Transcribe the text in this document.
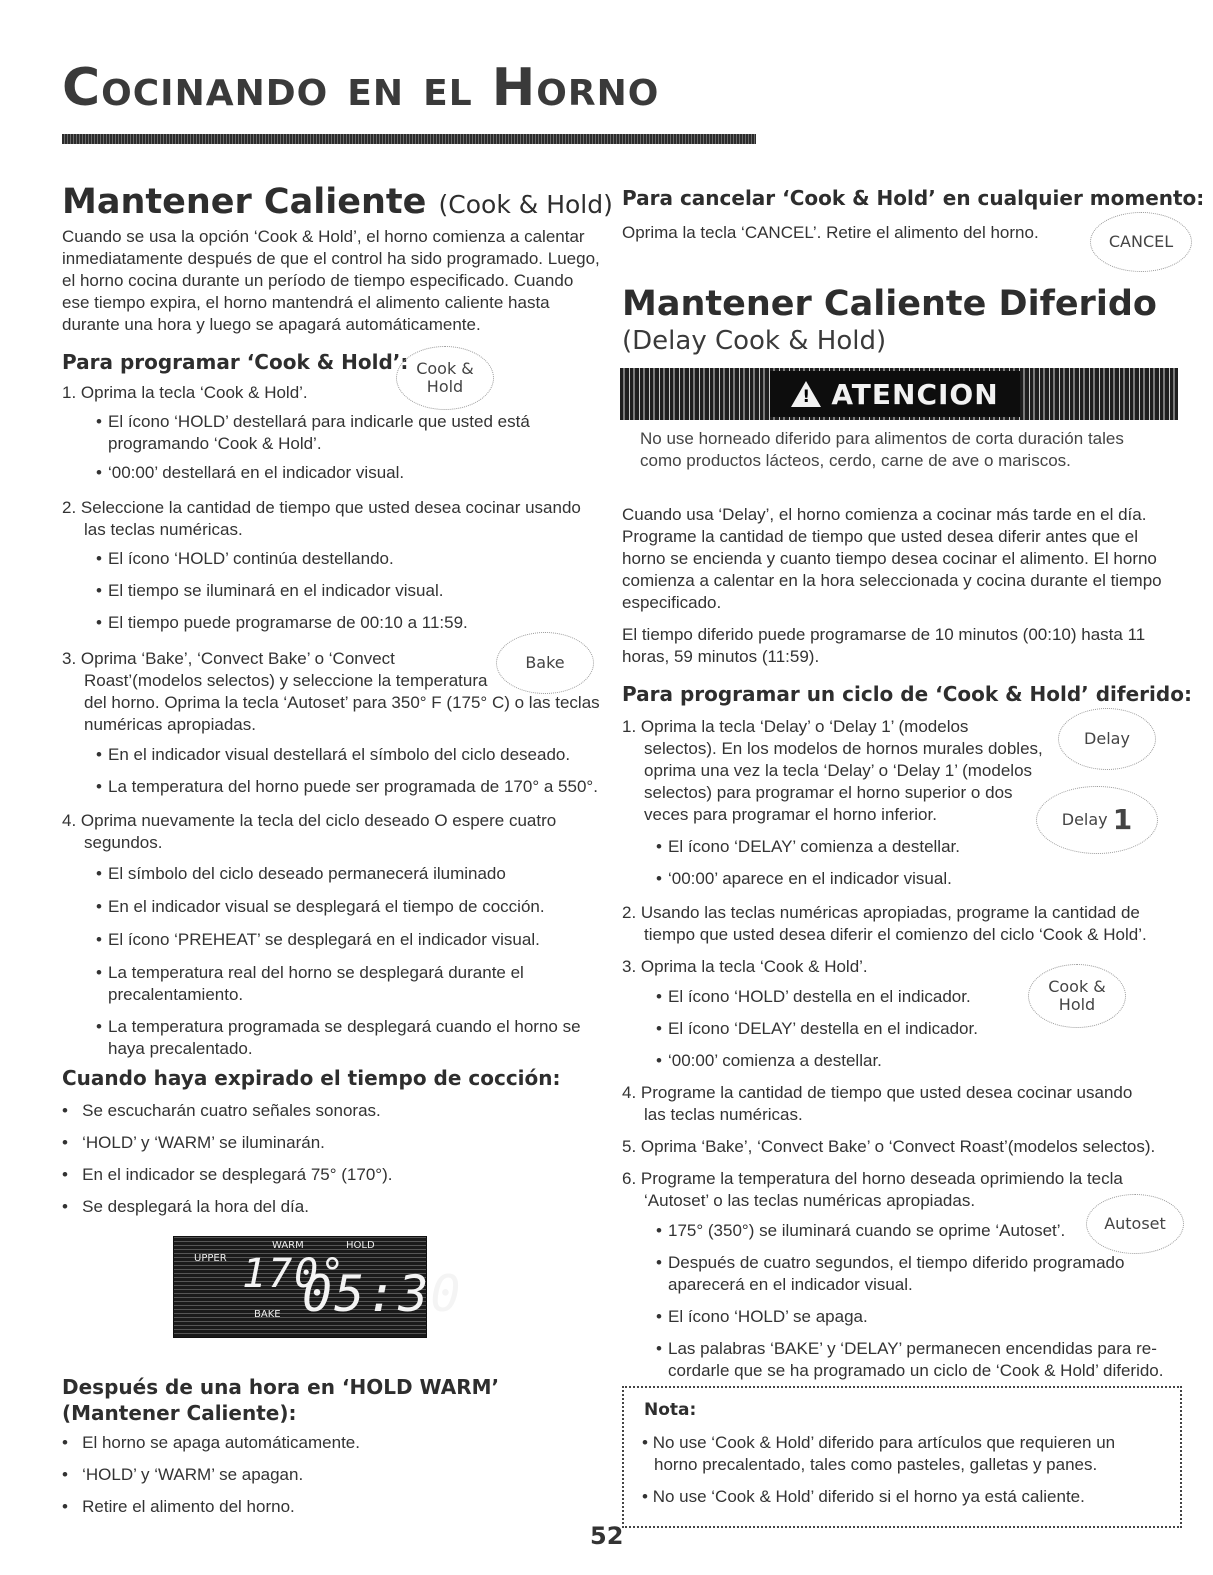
Cocinando en el Horno
Mantener Caliente (Cook & Hold)
Cuando se usa la opción ‘Cook & Hold’, el horno comienza a calentar
inmediatamente después de que el control ha sido programado. Luego,
el horno cocina durante un período de tiempo especificado. Cuando
ese tiempo expira, el horno mantendrá el alimento caliente hasta
durante una hora y luego se apagará automáticamente.
Para programar ‘Cook & Hold’: Cook & Hold
Bake
1. Oprima la tecla ‘Cook & Hold’.
• El ícono ‘HOLD’ destellará para indicarle que usted está
programando ‘Cook & Hold’.
• ‘00:00’ destellará en el indicador visual.
2. Seleccione la cantidad de tiempo que usted desea cocinar usando
las teclas numéricas.
• El ícono ‘HOLD’ continúa destellando.
• El tiempo se iluminará en el indicador visual.
• El tiempo puede programarse de 00:10 a 11:59.
3. Oprima ‘Bake’, ‘Convect Bake’ o ‘Convect
Roast’(modelos selectos) y seleccione la temperatura
del horno. Oprima la tecla ‘Autoset’ para 350° F (175° C) o las teclas
numéricas apropiadas.
• En el indicador visual destellará el símbolo del ciclo deseado.
• La temperatura del horno puede ser programada de 170° a 550°.
4. Oprima nuevamente la tecla del ciclo deseado O espere cuatro
segundos.
• El símbolo del ciclo deseado permanecerá iluminado
• En el indicador visual se desplegará el tiempo de cocción.
• El ícono ‘PREHEAT’ se desplegará en el indicador visual.
• La temperatura real del horno se desplegará durante el
precalentamiento.
• La temperatura programada se desplegará cuando el horno se
haya precalentado.
Cuando haya expirado el tiempo de cocción:
•   Se escucharán cuatro señales sonoras.
•   ‘HOLD’ y ‘WARM’ se iluminarán.
•   En el indicador se desplegará 75° (170°).
•   Se desplegará la hora del día.
WARM	HOLD
UPPER
BAKE
170°
05:30
Después de una hora en ‘HOLD WARM’
(Mantener Caliente):
•   El horno se apaga automáticamente.
•   ‘HOLD’ y ‘WARM’ se apagan.
•   Retire el alimento del horno.
Para cancelar ‘Cook & Hold’ en cualquier momento:
Oprima la tecla ‘CANCEL’. Retire el alimento del horno.	CANCEL
Mantener Caliente Diferido
(Delay Cook & Hold)
! ATENCION
No use horneado diferido para alimentos de corta duración tales
como productos lácteos, cerdo, carne de ave o mariscos.
Cuando usa ‘Delay’, el horno comienza a cocinar más tarde en el día.
Programe la cantidad de tiempo que usted desea diferir antes que el
horno se encienda y cuanto tiempo desea cocinar el alimento. El horno
comienza a calentar en la hora seleccionada y cocina durante el tiempo
especificado.
El tiempo diferido puede programarse de 10 minutos (00:10) hasta 11
horas, 59 minutos (11:59).
Para programar un ciclo de ‘Cook & Hold’ diferido:
Delay
Delay
1
Cook & Hold
Autoset
1. Oprima la tecla ‘Delay’ o ‘Delay 1’ (modelos
selectos). En los modelos de hornos murales dobles,
oprima una vez la tecla ‘Delay’ o ‘Delay 1’ (modelos
selectos) para programar el horno superior o dos
veces para programar el horno inferior.
• El ícono ‘DELAY’ comienza a destellar.
• ‘00:00’ aparece en el indicador visual.
2. Usando las teclas numéricas apropiadas, programe la cantidad de
tiempo que usted desea diferir el comienzo del ciclo ‘Cook & Hold’.
3. Oprima la tecla ‘Cook & Hold’.
• El ícono ‘HOLD’ destella en el indicador.
• El ícono ‘DELAY’ destella en el indicador.
• ‘00:00’ comienza a destellar.
4. Programe la cantidad de tiempo que usted desea cocinar usando
las teclas numéricas.
5. Oprima ‘Bake’, ‘Convect Bake’ o ‘Convect Roast’(modelos selectos).
6. Programe la temperatura del horno deseada oprimiendo la tecla
‘Autoset’ o las teclas numéricas apropiadas.
• 175° (350°) se iluminará cuando se oprime ‘Autoset’.
• Después de cuatro segundos, el tiempo diferido programado
aparecerá en el indicador visual.
• El ícono ‘HOLD’ se apaga.
• Las palabras ‘BAKE’ y ‘DELAY’ permanecen encendidas para re-
cordarle que se ha programado un ciclo de ‘Cook & Hold’ diferido.
Nota:
• No use ‘Cook & Hold’ diferido para artículos que requieren un
horno precalentado, tales como pasteles, galletas y panes.
• No use ‘Cook & Hold’ diferido si el horno ya está caliente.
52
